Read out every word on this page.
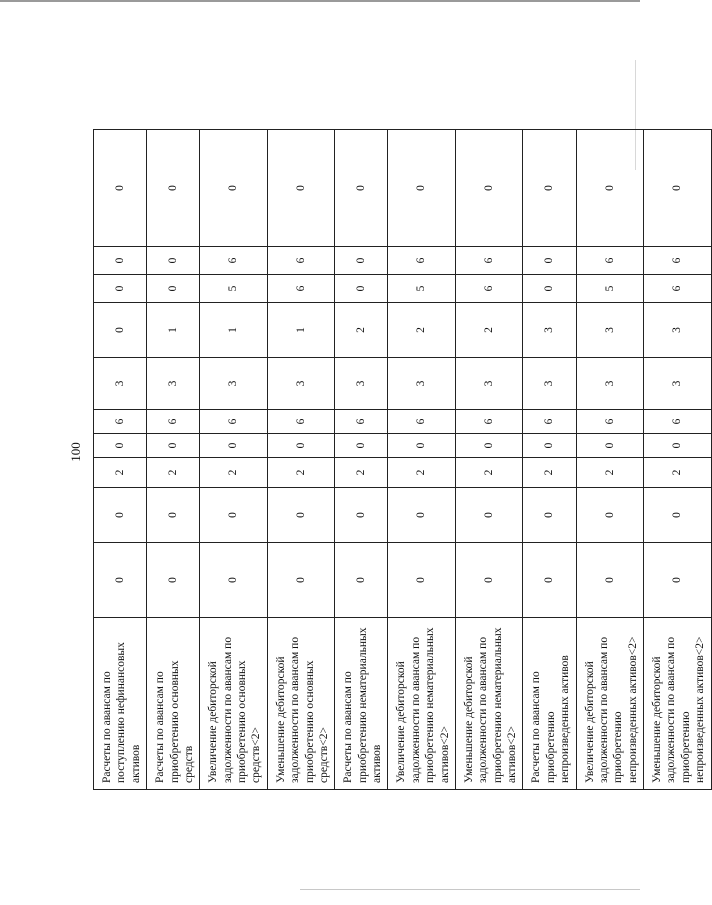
100
Расчеты по авансам по поступлению нефинансовых активов	0	0	2	0	6	3	0	0	0	0
Расчеты по авансам по приобретению основных средств	0	0	2	0	6	3	1	0	0	0
Увеличение дебиторской задолженности по авансам по приобретению основных средств<2>	0	0	2	0	6	3	1	5	6	0
Уменьшение дебиторской задолженности по авансам по приобретению основных средств<2>	0	0	2	0	6	3	1	6	6	0
Расчеты по авансам по приобретению нематериальных активов	0	0	2	0	6	3	2	0	0	0
Увеличение дебиторской задолженности по авансам по приобретению нематериальных активов<2>	0	0	2	0	6	3	2	5	6	0
Уменьшение дебиторской задолженности по авансам по приобретению нематериальных активов<2>	0	0	2	0	6	3	2	6	6	0
Расчеты по авансам по приобретению непроизведенных активов	0	0	2	0	6	3	3	0	0	0
Увеличение дебиторской задолженности по авансам по приобретению непроизведенных активов<2>	0	0	2	0	6	3	3	5	6	0
Уменьшение дебиторской задолженности по авансам по приобретению непроизведенных активов<2>	0	0	2	0	6	3	3	6	6	0
